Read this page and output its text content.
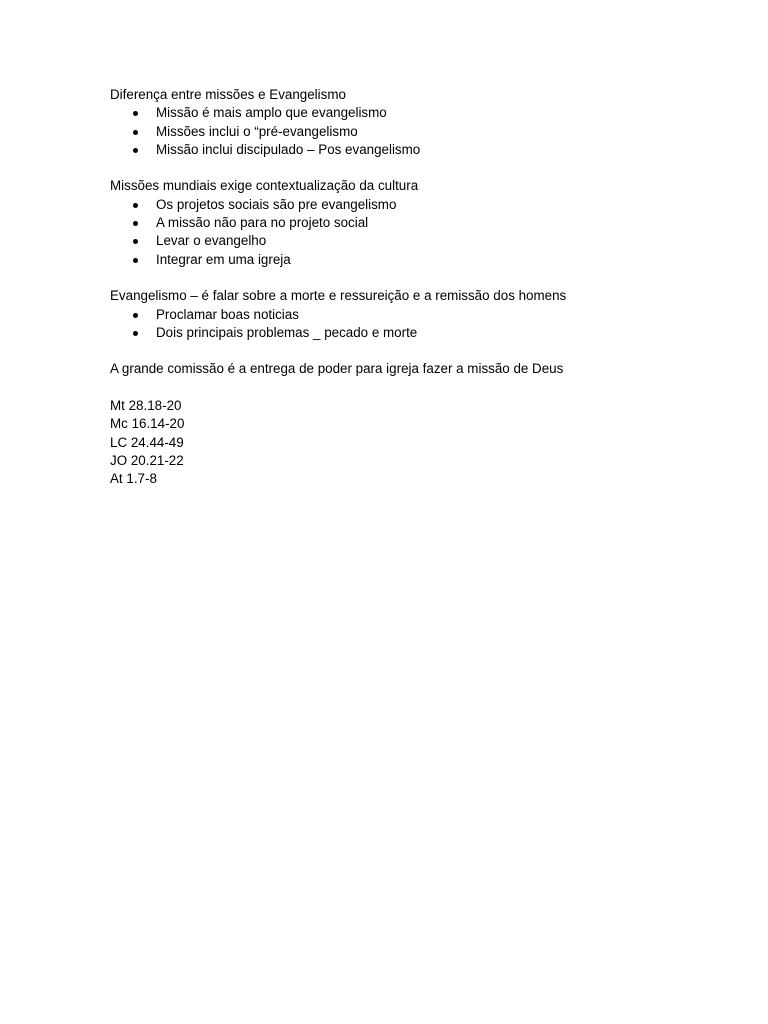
Diferença entre missões e Evangelismo

Missão é mais amplo que evangelismo
Missões inclui o “pré-evangelismo
Missão inclui discipulado – Pos evangelismo

Missões mundiais exige contextualização da cultura

Os projetos sociais são pre evangelismo
A missão não para no projeto social
Levar o evangelho
Integrar em uma igreja

Evangelismo – é falar sobre a morte e ressureição e a remissão dos homens

Proclamar boas noticias
Dois principais problemas _ pecado e morte

A grande comissão é a entrega de poder para igreja fazer a missão de Deus

Mt 28.18-20
Mc 16.14-20
LC 24.44-49
JO 20.21-22
At 1.7-8
